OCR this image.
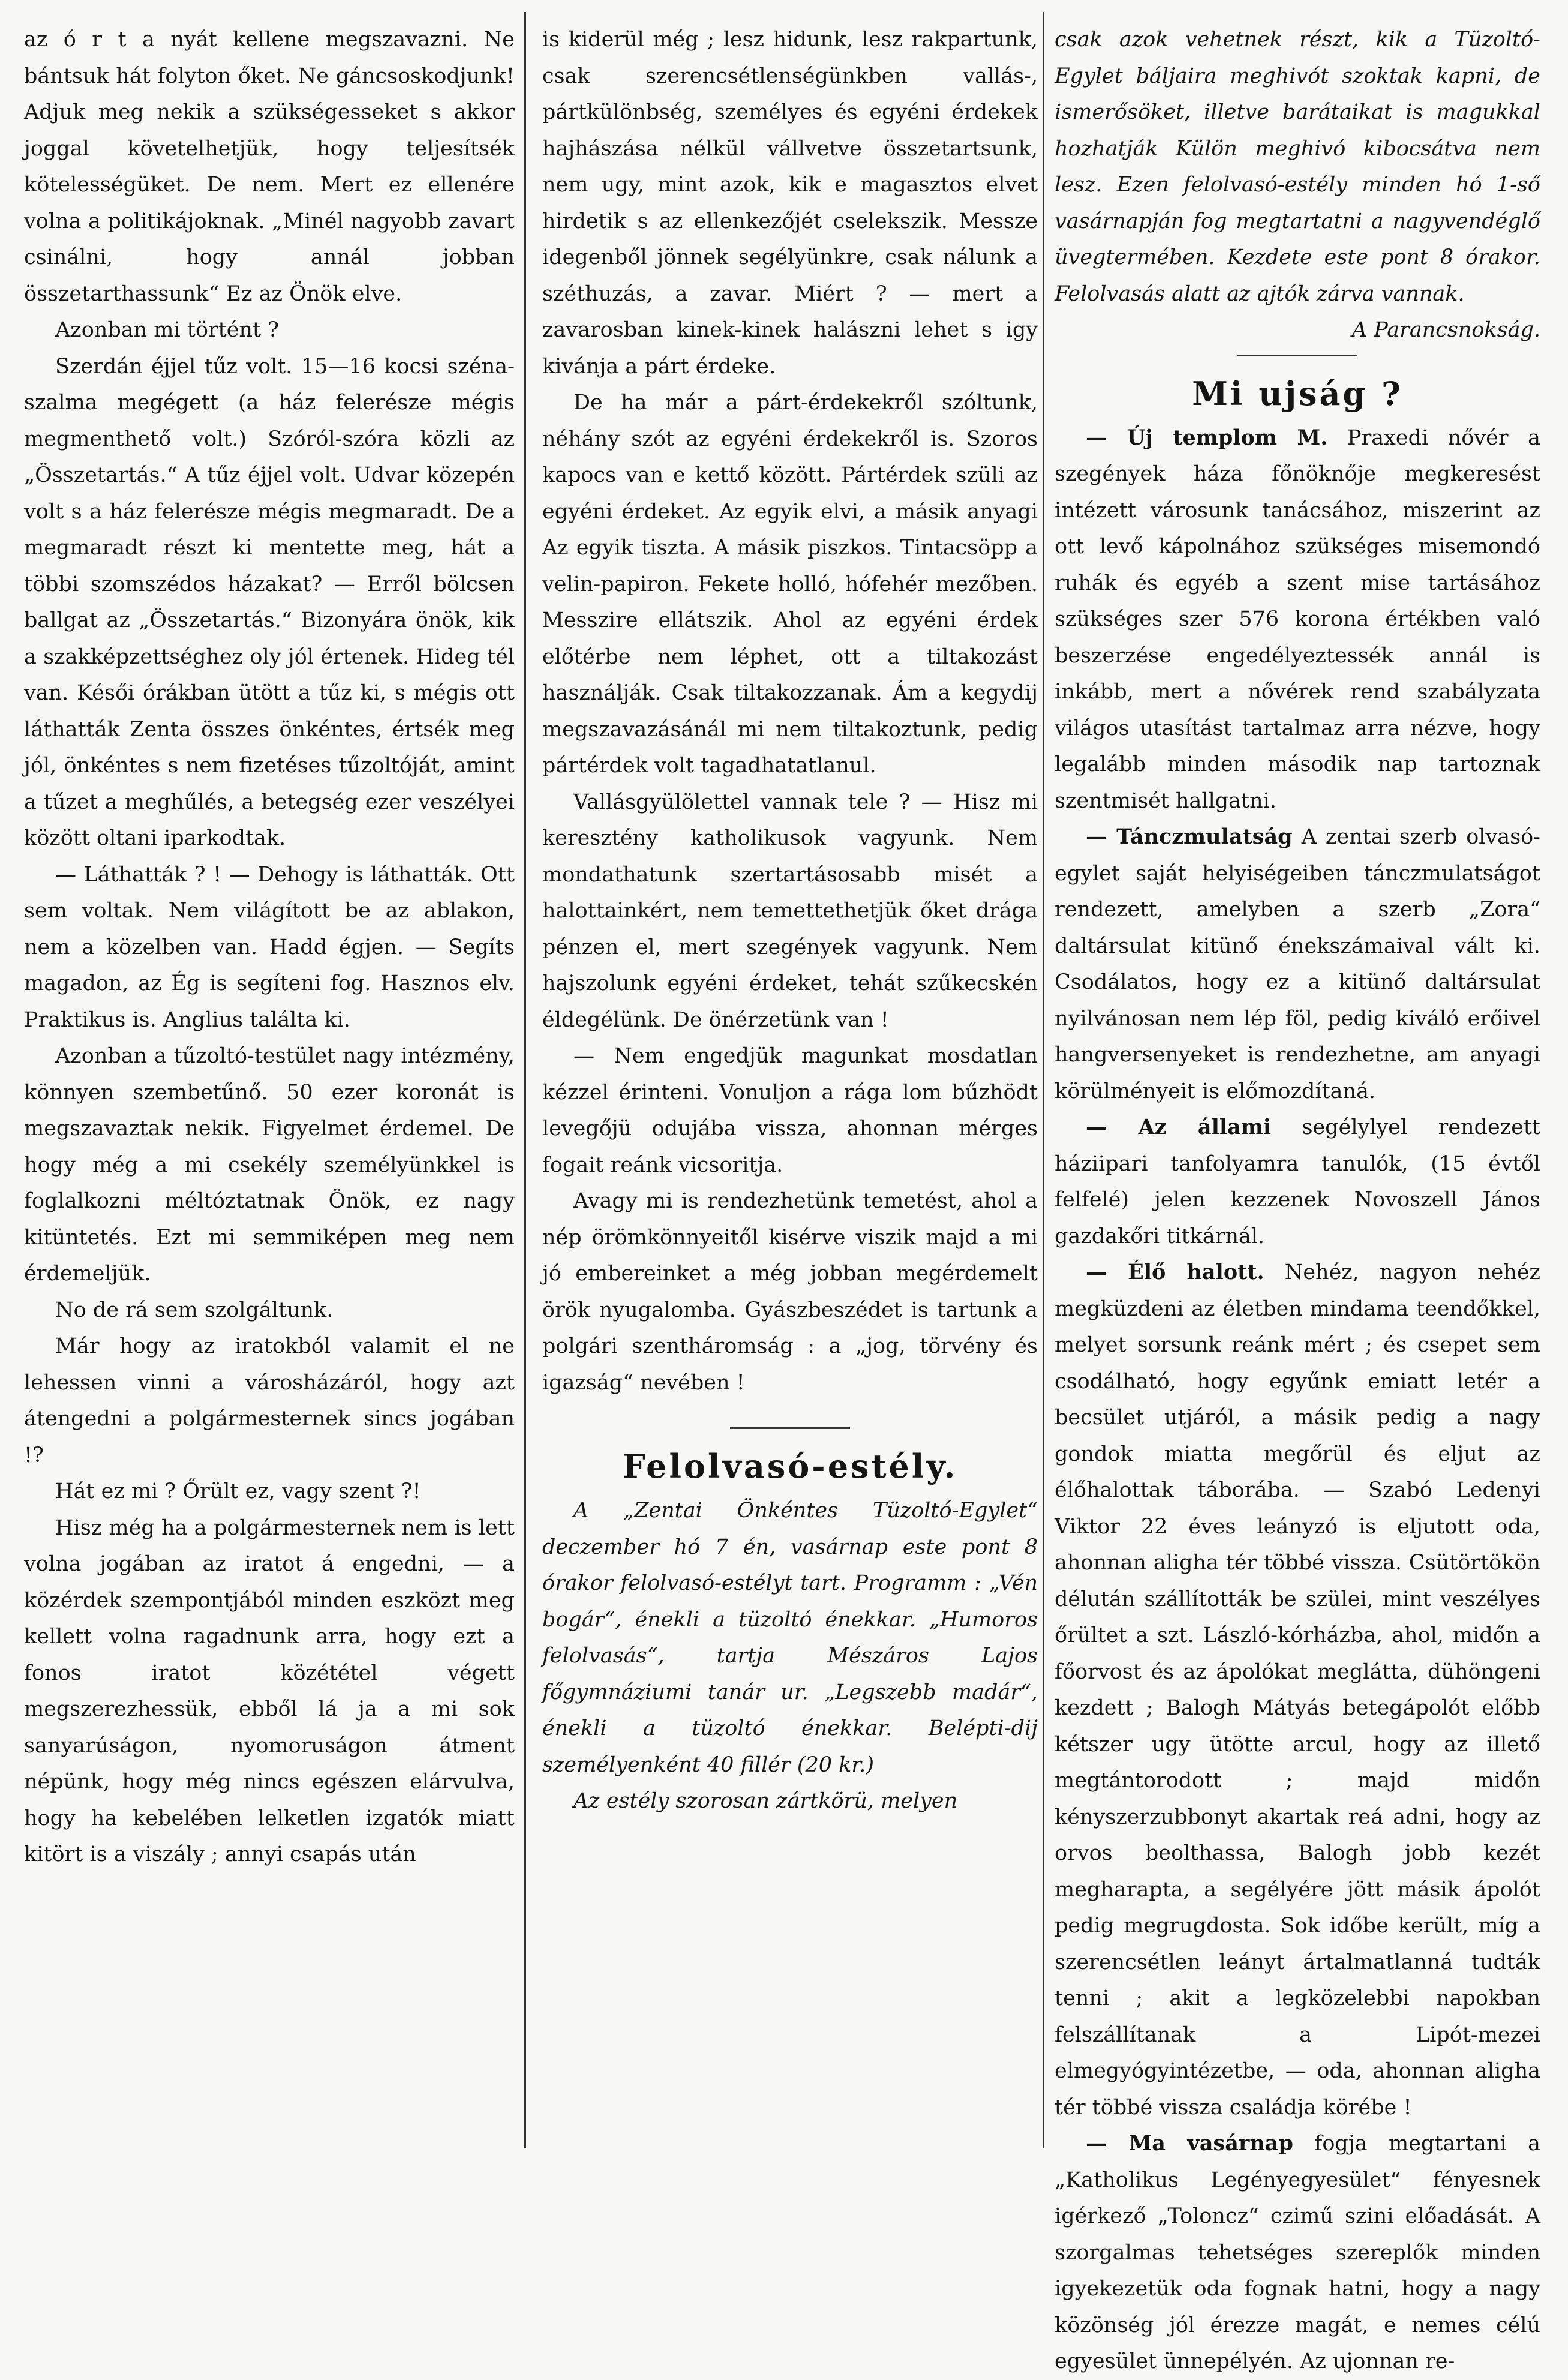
az ó r t a nyát kellene megszavazni. Ne bántsuk hát folyton őket. Ne gáncsoskodjunk! Adjuk meg nekik a szükségesseket s akkor joggal követelhetjük, hogy teljesítsék kötelességüket. De nem. Mert ez ellenére volna a politikájoknak. „Minél nagyobb zavart csinálni, hogy annál jobban összetarthassunk“ Ez az Önök elve.

Azonban mi történt ?

Szerdán éjjel tűz volt. 15—16 kocsi széna-szalma megégett (a ház felerésze mégis megmenthető volt.) Szóról-szóra közli az „Összetartás.“ A tűz éjjel volt. Udvar közepén volt s a ház felerésze mégis megmaradt. De a megmaradt részt ki mentette meg, hát a többi szomszédos házakat? — Erről bölcsen ballgat az „Összetartás.“ Bizonyára önök, kik a szakképzettséghez oly jól értenek. Hideg tél van. Késői órákban ütött a tűz ki, s mégis ott láthatták Zenta összes önkéntes, értsék meg jól, önkéntes s nem fizetéses tűzoltóját, amint a tűzet a meghűlés, a betegség ezer veszélyei között oltani iparkodtak.

— Láthatták ? ! — Dehogy is láthatták. Ott sem voltak. Nem világított be az ablakon, nem a közelben van. Hadd égjen. — Segíts magadon, az Ég is segíteni fog. Hasznos elv. Praktikus is. Anglius találta ki.

Azonban a tűzoltó-testület nagy intézmény, könnyen szembetűnő. 50 ezer koronát is megszavaztak nekik. Figyelmet érdemel. De hogy még a mi csekély személyünkkel is foglalkozni méltóztatnak Önök, ez nagy kitüntetés. Ezt mi semmiképen meg nem érdemeljük.

No de rá sem szolgáltunk.

Már hogy az iratokból valamit el ne lehessen vinni a városházáról, hogy azt átengedni a polgármesternek sincs jogában !?

Hát ez mi ? Őrült ez, vagy szent ?!

Hisz még ha a polgármesternek nem is lett volna jogában az iratot á engedni, — a közérdek szempontjából minden eszközt meg kellett volna ragadnunk arra, hogy ezt a fonos iratot közététel végett megszerezhessük, ebből lá ja a mi sok sanyarúságon, nyomoruságon átment népünk, hogy még nincs egészen elárvulva, hogy ha kebelében lelketlen izgatók miatt kitört is a viszály ; annyi csapás után

is kiderül még ; lesz hidunk, lesz rakpartunk, csak szerencsétlenségünkben vallás-, pártkülönbség, személyes és egyéni érdekek hajhászása nélkül vállvetve összetartsunk, nem ugy, mint azok, kik e magasztos elvet hirdetik s az ellenkezőjét cselekszik. Messze idegenből jönnek segélyünkre, csak nálunk a széthuzás, a zavar. Miért ? — mert a zavarosban kinek-kinek halászni lehet s igy kivánja a párt érdeke.

De ha már a párt-érdekekről szóltunk, néhány szót az egyéni érdekekről is. Szoros kapocs van e kettő között. Pártérdek szüli az egyéni érdeket. Az egyik elvi, a másik anyagi Az egyik tiszta. A másik piszkos. Tintacsöpp a velin-papiron. Fekete holló, hófehér mezőben. Messzire ellátszik. Ahol az egyéni érdek előtérbe nem léphet, ott a tiltakozást használják. Csak tiltakozzanak. Ám a kegydij megszavazásánál mi nem tiltakoztunk, pedig pártérdek volt tagadhatatlanul.

Vallásgyülölettel vannak tele ? — Hisz mi keresztény katholikusok vagyunk. Nem mondathatunk szertartásosabb misét a halottainkért, nem temettethetjük őket drága pénzen el, mert szegények vagyunk. Nem hajszolunk egyéni érdeket, tehát szűkecskén éldegélünk. De önérzetünk van !

— Nem engedjük magunkat mosdatlan kézzel érinteni. Vonuljon a rága lom bűzhödt levegőjü odujába vissza, ahonnan mérges fogait reánk vicsoritja.

Avagy mi is rendezhetünk temetést, ahol a nép örömkönnyeitől kisérve viszik majd a mi jó embereinket a még jobban megérdemelt örök nyugalomba. Gyászbeszédet is tartunk a polgári szentháromság : a „jog, törvény és igazság“ nevében !

Felolvasó-estély.

A „Zentai Önkéntes Tüzoltó-Egylet“ deczember hó 7 én, vasárnap este pont 8 órakor felolvasó-estélyt tart. Programm : „Vén bogár“, énekli a tüzoltó énekkar. „Humoros felolvasás“, tartja Mészáros Lajos főgymnáziumi tanár ur. „Legszebb madár“, énekli a tüzoltó énekkar. Belépti-dij személyenként 40 fillér (20 kr.)

Az estély szorosan zártkörü, melyen

csak azok vehetnek részt, kik a Tüzoltó-Egylet báljaira meghivót szoktak kapni, de ismerősöket, illetve barátaikat is magukkal hozhatják Külön meghivó kibocsátva nem lesz. Ezen felolvasó-estély minden hó 1-ső vasárnapján fog megtartatni a nagyvendéglő üvegtermében. Kezdete este pont 8 órakor. Felolvasás alatt az ajtók zárva vannak.

A Parancsnokság.

Mi ujság ?

— Új templom M. Praxedi nővér a szegények háza főnöknője megkeresést intézett városunk tanácsához, miszerint az ott levő kápolnához szükséges misemondó ruhák és egyéb a szent mise tartásához szükséges szer 576 korona értékben való beszerzése engedélyeztessék annál is inkább, mert a nővérek rend szabályzata világos utasítást tartalmaz arra nézve, hogy legalább minden második nap tartoznak szentmisét hallgatni.

— Tánczmulatság A zentai szerb olvasó-egylet saját helyiségeiben tánczmulatságot rendezett, amelyben a szerb „Zora“ daltársulat kitünő énekszámaival vált ki. Csodálatos, hogy ez a kitünő daltársulat nyilvánosan nem lép föl, pedig kiváló erőivel hangversenyeket is rendezhetne, am anyagi körülményeit is előmozdítaná.

— Az állami segélylyel rendezett háziipari tanfolyamra tanulók, (15 évtől felfelé) jelen kezzenek Novoszell János gazdakőri titkárnál.

— Élő halott. Nehéz, nagyon nehéz megküzdeni az életben mindama teendőkkel, melyet sorsunk reánk mért ; és csepet sem csodálható, hogy egyűnk emiatt letér a becsület utjáról, a másik pedig a nagy gondok miatta megőrül és eljut az élőhalottak táborába. — Szabó Ledenyi Viktor 22 éves leányzó is eljutott oda, ahonnan aligha tér többé vissza. Csütörtökön délután szállították be szülei, mint veszélyes őrültet a szt. László-kórházba, ahol, midőn a főorvost és az ápolókat meglátta, dühöngeni kezdett ; Balogh Mátyás betegápolót előbb kétszer ugy ütötte arcul, hogy az illető megtántorodott ; majd midőn kényszerzubbonyt akartak reá adni, hogy az orvos beolthassa, Balogh jobb kezét megharapta, a segélyére jött másik ápolót pedig megrugdosta. Sok időbe került, míg a szerencsétlen leányt ártalmatlanná tudták tenni ; akit a legközelebbi napokban felszállítanak a Lipót-mezei elmegyógyintézetbe, — oda, ahonnan aligha tér többé vissza családja körébe !

— Ma vasárnap fogja megtartani a „Katholikus Legényegyesület“ fényesnek igérkező „Toloncz“ czimű szini előadását. A szorgalmas tehetséges szereplők minden igyekezetük oda fognak hatni, hogy a nagy közönség jól érezze magát, e nemes célú egyesület ünnepélyén. Az ujonnan re-
